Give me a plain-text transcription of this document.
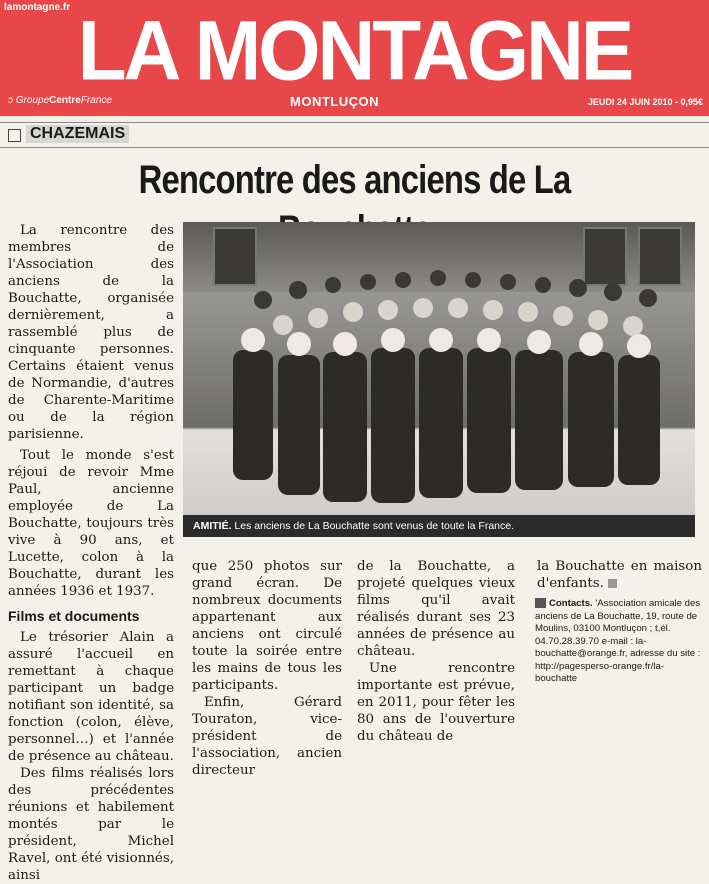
lamontagne.fr LA MONTAGNE
ↄ GroupeCentreFrance	MONTLUÇON	JEUDI 24 JUIN 2010 - 0,95€
CHAZEMAIS
Rencontre des anciens de La

La rencontre des membres de l'Association des anciens de la Bouchatte, organisée dernièrement, a rassemblé plus de cinquante personnes. Certains étaient venus de Normandie, d'autres de Charente-Maritime ou de la région parisienne.

Tout le monde s'est réjoui de revoir Mme Paul, ancienne employée de La Bouchatte, toujours très vive à 90 ans, et Lucette, colon à la Bouchatte, durant les années 1936 et 1937.

Films et documents

Le trésorier Alain a assuré l'accueil en remettant à chaque participant un badge notifiant son identité, sa fonction (colon, élève, personnel…) et l'année de présence au château.

Des films réalisés lors des précédentes réunions et habilement montés par le président, Michel Ravel, ont été visionnés, ainsi

AMITIÉ. Les anciens de La Bouchatte sont venus de toute la France.

que 250 photos sur grand écran. De nombreux documents appartenant aux anciens ont circulé toute la soirée entre les mains de tous les participants.

Enfin, Gérard Touraton, vice-président de l'association, ancien directeur

de la Bouchatte, a projeté quelques vieux films qu'il avait réalisés durant ses 23 années de présence au château.

Une rencontre importante est prévue, en 2011, pour fêter les 80 ans de l'ouverture du château de

la Bouchatte en maison d'enfants.

Contacts. 'Association amicale des anciens de La Bouchatte, 19, route de Moulins, 03100 Montluçon ; t,él. 04.70.28.39.70 e-mail : la-bouchatte@orange.fr, adresse du site : http://pagesperso-orange.fr/la-bouchatte
